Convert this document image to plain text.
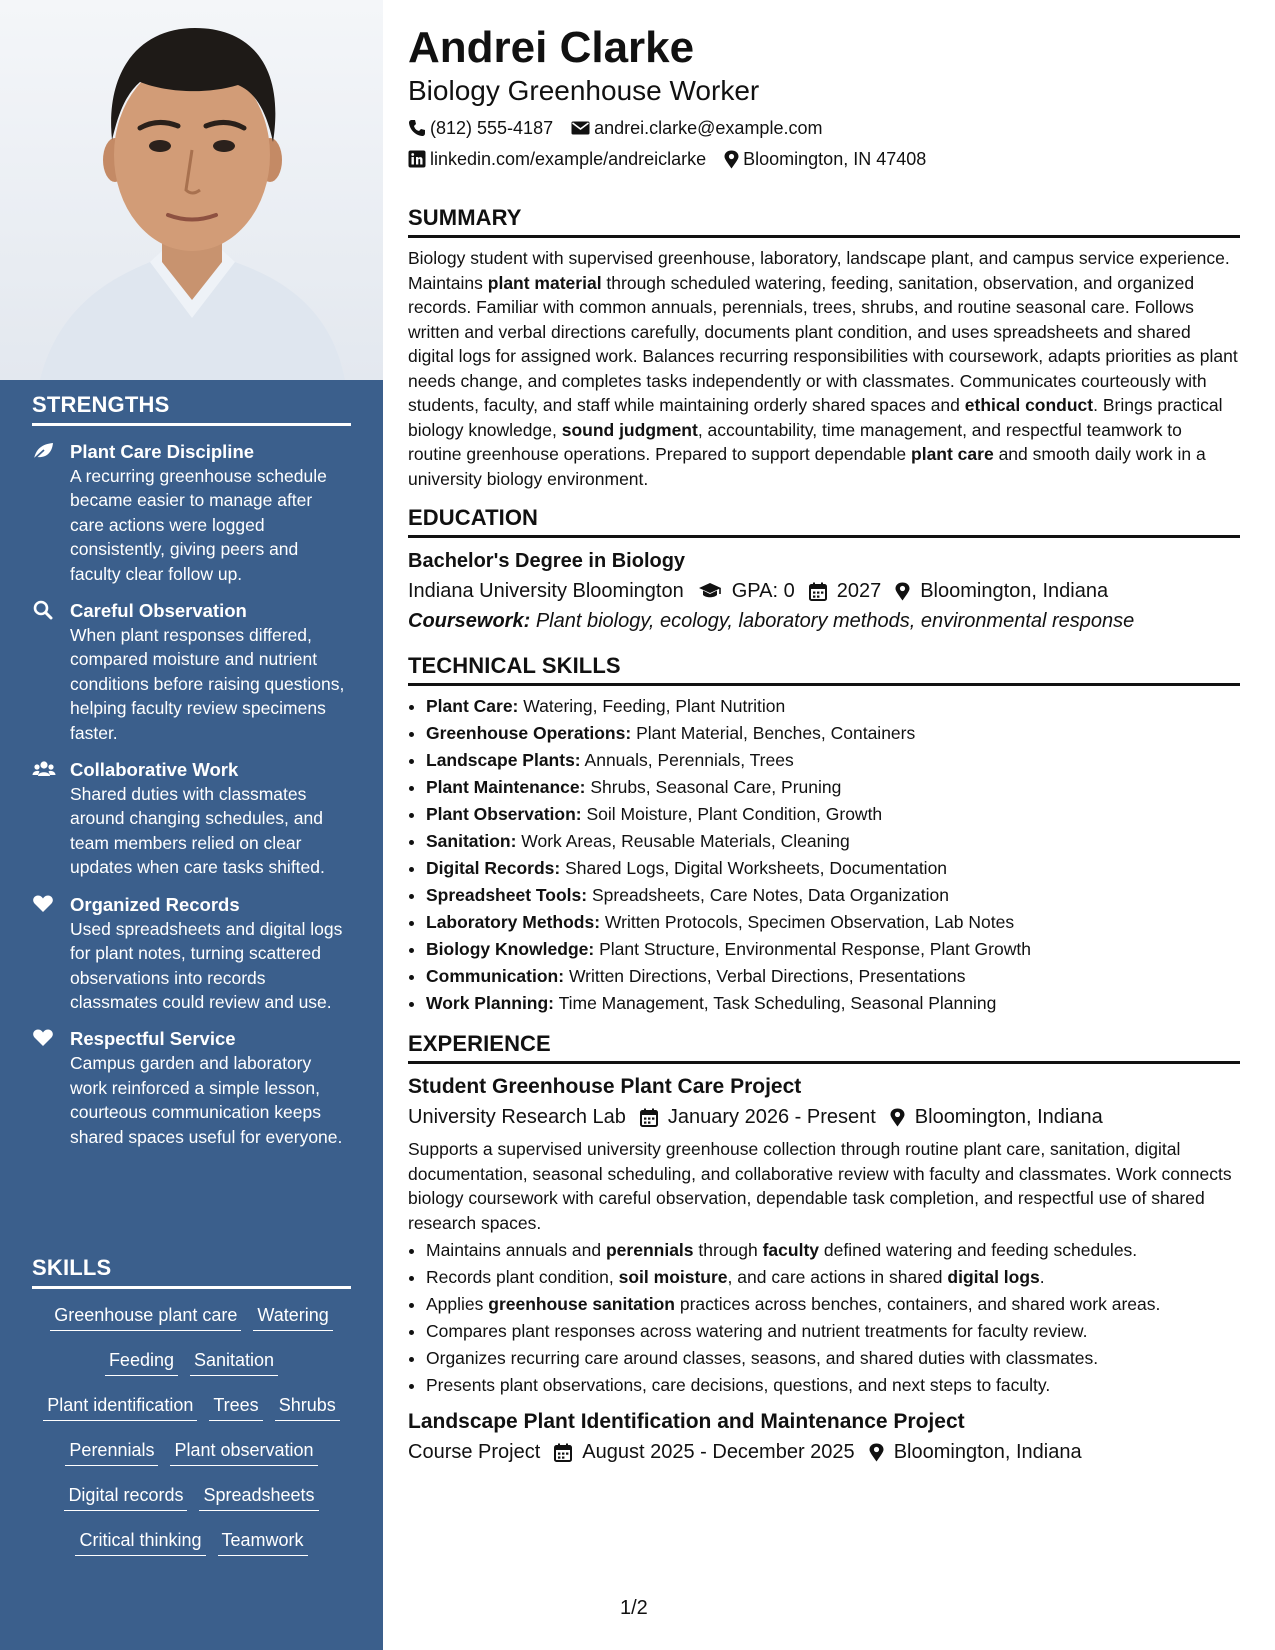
STRENGTHS
Plant Care Discipline
A recurring greenhouse schedule became easier to manage after care actions were logged consistently, giving peers and faculty clear follow up.
Careful Observation
When plant responses differed, compared moisture and nutrient conditions before raising questions, helping faculty review specimens faster.
Collaborative Work
Shared duties with classmates around changing schedules, and team members relied on clear updates when care tasks shifted.
Organized Records
Used spreadsheets and digital logs for plant notes, turning scattered observations into records classmates could review and use.
Respectful Service
Campus garden and laboratory work reinforced a simple lesson, courteous communication keeps shared spaces useful for everyone.
SKILLS
Greenhouse plant care Watering
Feeding Sanitation
Plant identification Trees Shrubs
Perennials Plant observation
Digital records Spreadsheets
Critical thinking Teamwork
Andrei Clarke
Biology Greenhouse Worker
(812) 555-4187 andrei.clarke@example.com
linkedin.com/example/andreiclarke Bloomington, IN 47408
SUMMARY

Biology student with supervised greenhouse, laboratory, landscape plant, and campus service experience. Maintains plant material through scheduled watering, feeding, sanitation, observation, and organized records. Familiar with common annuals, perennials, trees, shrubs, and routine seasonal care. Follows written and verbal directions carefully, documents plant condition, and uses spreadsheets and shared digital logs for assigned work. Balances recurring responsibilities with coursework, adapts priorities as plant needs change, and completes tasks independently or with classmates. Communicates courteously with students, faculty, and staff while maintaining orderly shared spaces and ethical conduct. Brings practical biology knowledge, sound judgment, accountability, time management, and respectful teamwork to routine greenhouse operations. Prepared to support dependable plant care and smooth daily work in a university biology environment.

EDUCATION
Bachelor's Degree in Biology
Indiana University Bloomington GPA: 0 2027 Bloomington, Indiana
Coursework: Plant biology, ecology, laboratory methods, environmental response
TECHNICAL SKILLS
• Plant Care: Watering, Feeding, Plant Nutrition
• Greenhouse Operations: Plant Material, Benches, Containers
• Landscape Plants: Annuals, Perennials, Trees
• Plant Maintenance: Shrubs, Seasonal Care, Pruning
• Plant Observation: Soil Moisture, Plant Condition, Growth
• Sanitation: Work Areas, Reusable Materials, Cleaning
• Digital Records: Shared Logs, Digital Worksheets, Documentation
• Spreadsheet Tools: Spreadsheets, Care Notes, Data Organization
• Laboratory Methods: Written Protocols, Specimen Observation, Lab Notes
• Biology Knowledge: Plant Structure, Environmental Response, Plant Growth
• Communication: Written Directions, Verbal Directions, Presentations
• Work Planning: Time Management, Task Scheduling, Seasonal Planning
EXPERIENCE
Student Greenhouse Plant Care Project
University Research Lab January 2026 - Present Bloomington, Indiana
Supports a supervised university greenhouse collection through routine plant care, sanitation, digital documentation, seasonal scheduling, and collaborative review with faculty and classmates. Work connects biology coursework with careful observation, dependable task completion, and respectful use of shared research spaces.
• Maintains annuals and perennials through faculty defined watering and feeding schedules.
• Records plant condition, soil moisture, and care actions in shared digital logs.
• Applies greenhouse sanitation practices across benches, containers, and shared work areas.
• Compares plant responses across watering and nutrient treatments for faculty review.
• Organizes recurring care around classes, seasons, and shared duties with classmates.
• Presents plant observations, care decisions, questions, and next steps to faculty.
Landscape Plant Identification and Maintenance Project
Course Project August 2025 - December 2025 Bloomington, Indiana
1/2
